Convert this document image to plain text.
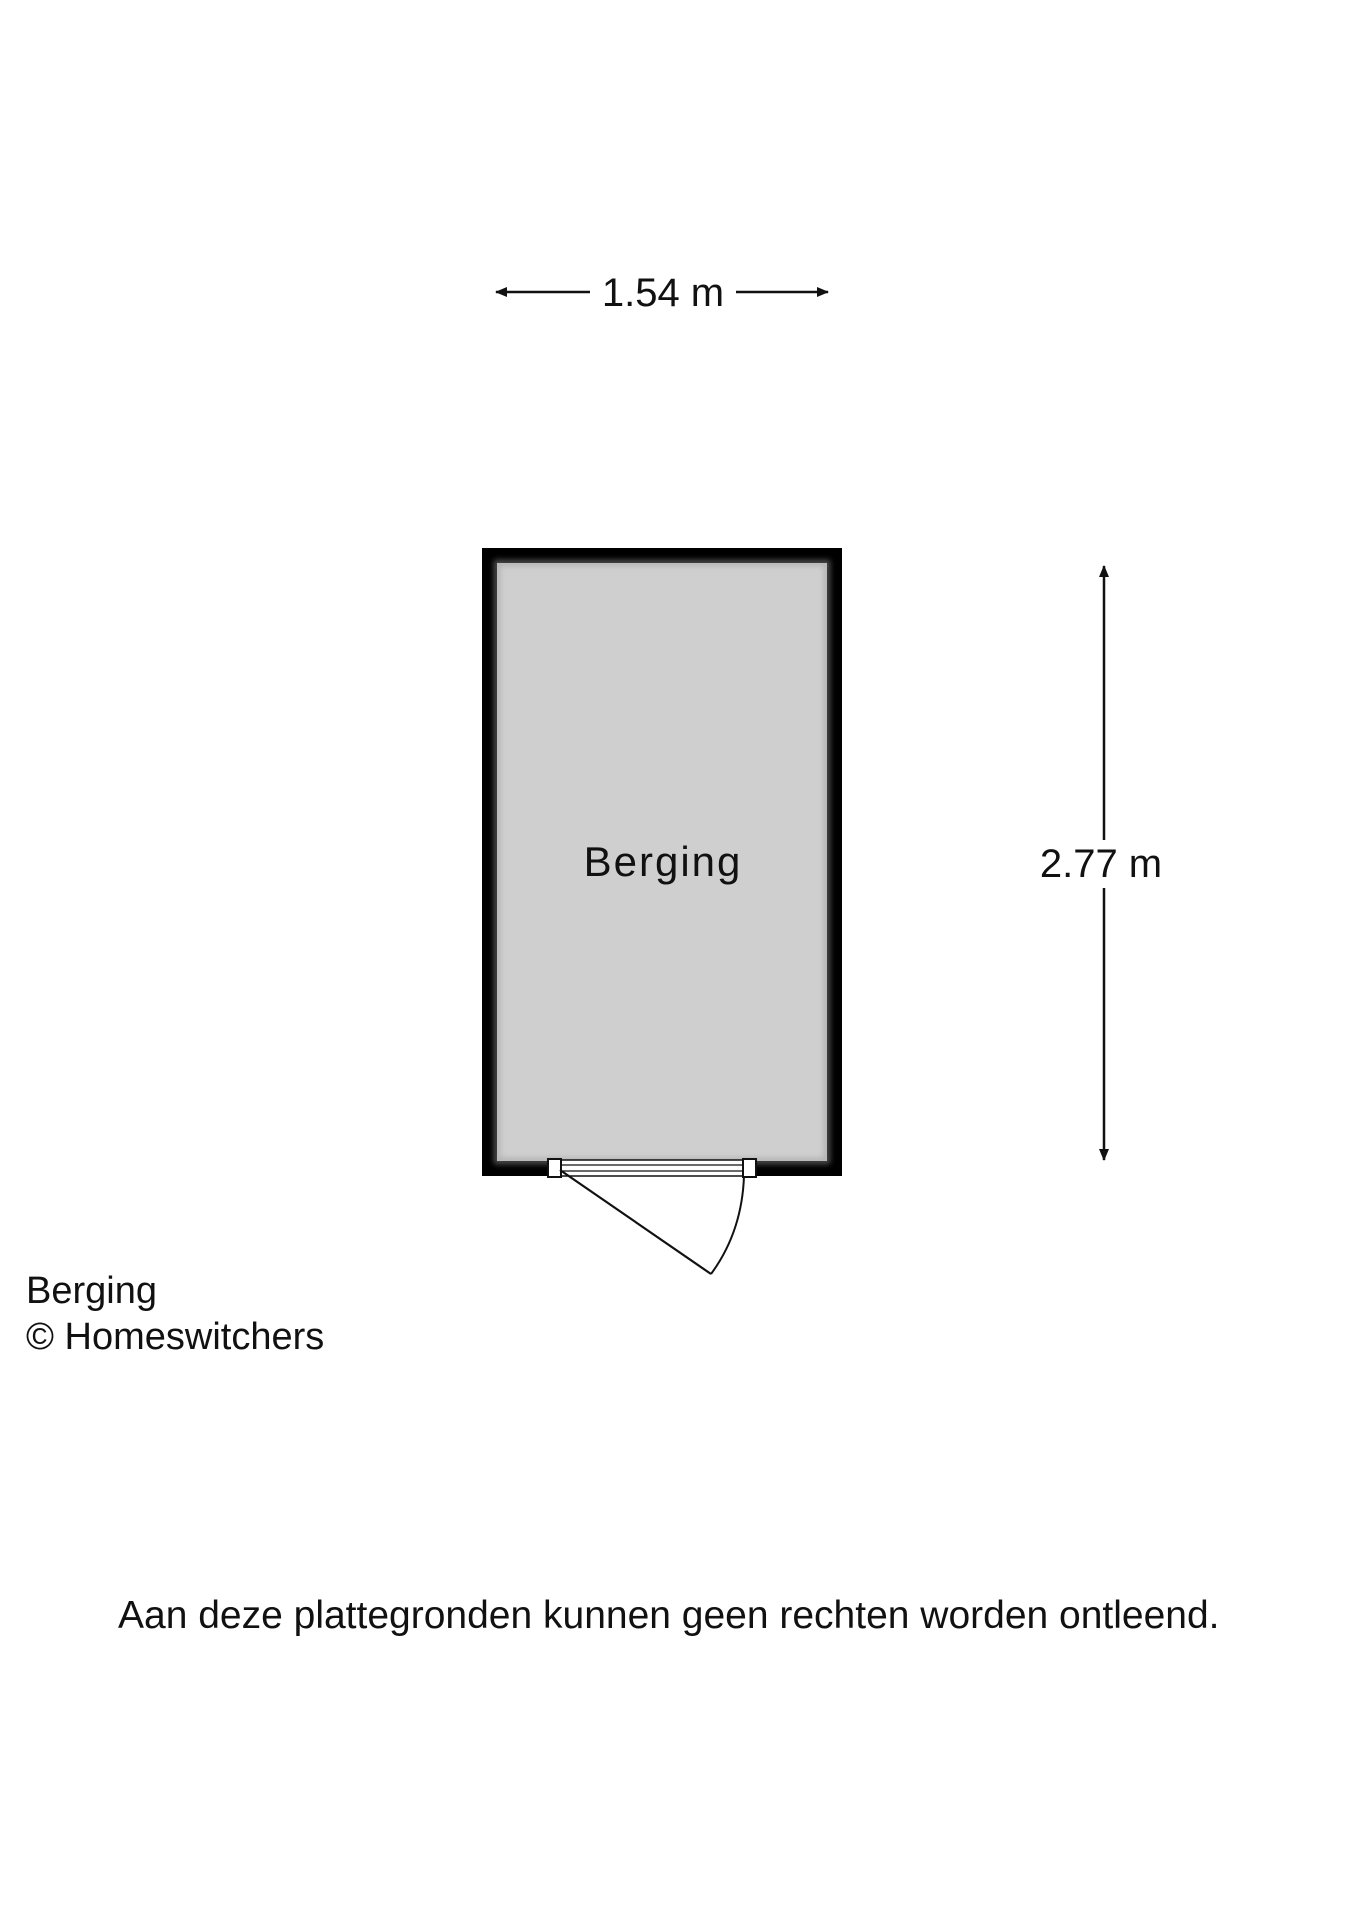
1.54 m
Berging	2.77 m
Berging
© Homeswitchers

Aan deze plattegronden kunnen geen rechten worden ontleend.
